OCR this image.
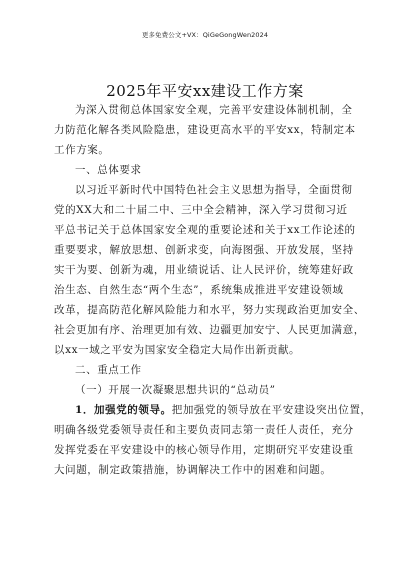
更多免费公文+VX：QiGeGongWen2024
2025年平安xx建设工作方案

为深入贯彻总体国家安全观，完善平安建设体制机制，全
力防范化解各类风险隐患，建设更高水平的平安xx，特制定本
工作方案。

一、总体要求

以习近平新时代中国特色社会主义思想为指导，全面贯彻
党的XX大和二十届二中、三中全会精神，深入学习贯彻习近
平总书记关于总体国家安全观的重要论述和关于xx工作论述的
重要要求，解放思想、创新求变，向海图强、开放发展，坚持
实干为要、创新为魂，用业绩说话、让人民评价，统筹建好政
治生态、自然生态“两个生态”，系统集成推进平安建设领域
改革，提高防范化解风险能力和水平，努力实现政治更加安全、
社会更加有序、治理更加有效、边疆更加安宁、人民更加满意，
以xx一域之平安为国家安全稳定大局作出新贡献。

二、重点工作

（一）开展一次凝聚思想共识的“总动员”

1．加强党的领导。把加强党的领导放在平安建设突出位置，
明确各级党委领导责任和主要负责同志第一责任人责任，充分
发挥党委在平安建设中的核心领导作用，定期研究平安建设重
大问题，制定政策措施，协调解决工作中的困难和问题。
